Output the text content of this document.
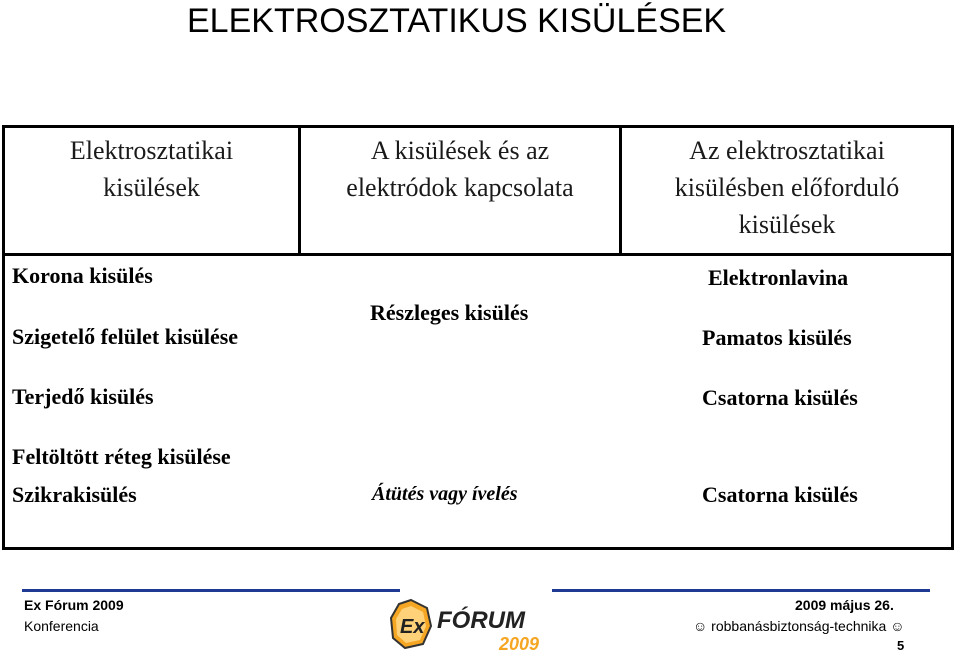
ELEKTROSZTATIKUS KISÜLÉSEK
Elektrosztatikai
kisülések
A kisülések és az
elektródok kapcsolata
Az elektrosztatikai
kisülésben előforduló
kisülések
Korona kisülés
Szigetelő felület kisülése
Terjedő kisülés
Feltöltött réteg kisülése
Szikrakisülés
Részleges kisülés
Átütés vagy ívelés
Elektronlavina
Pamatos kisülés
Csatorna kisülés
Csatorna kisülés
Ex Fórum 2009
Konferencia
2009 május 26.
☺ robbanásbiztonság-technika ☺
5
Ex FÓRUM
2009
